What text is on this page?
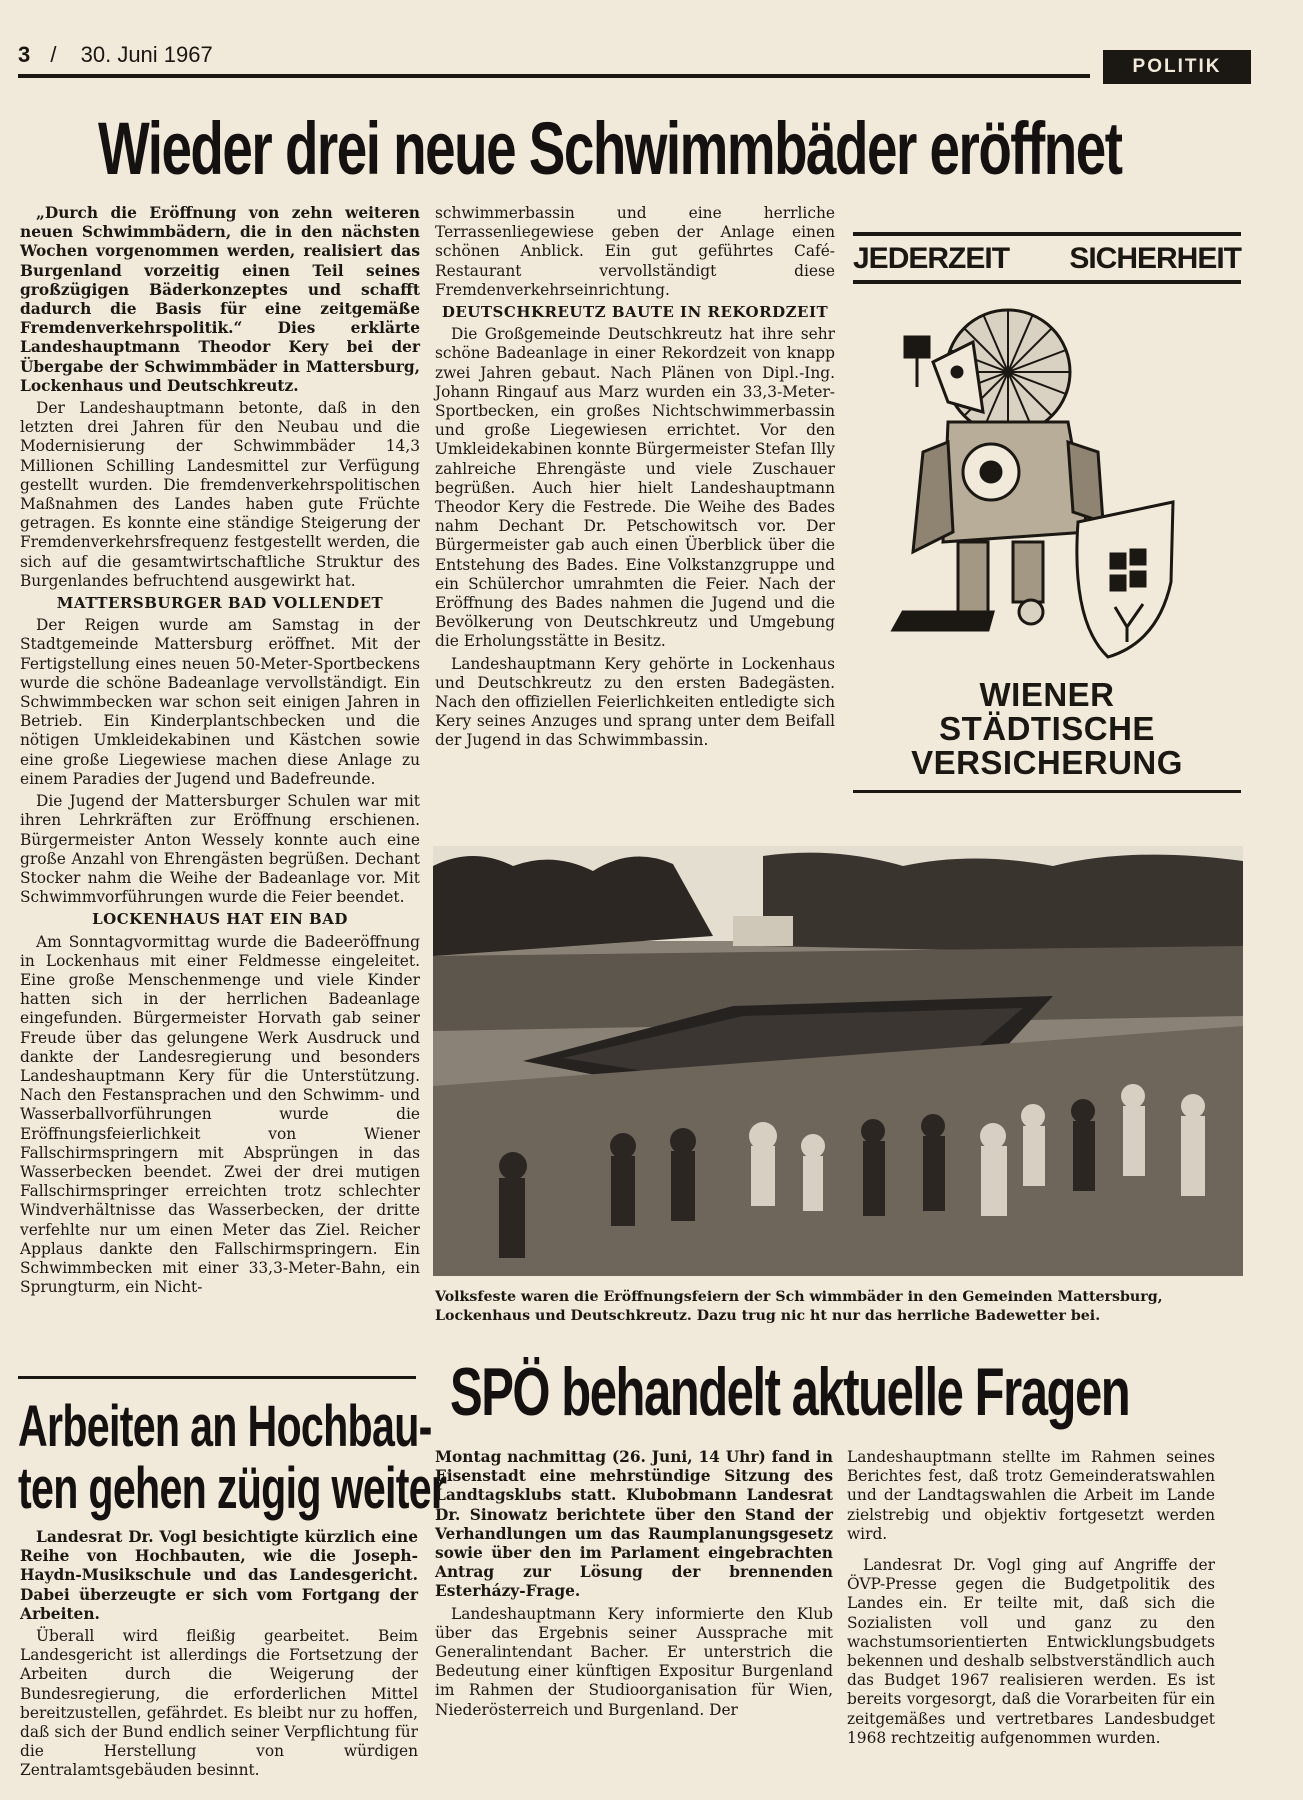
3 / 30. Juni 1967	POLITIK
Wieder drei neue Schwimmbäder eröffnet

„Durch die Eröffnung von zehn weiteren neuen Schwimmbädern, die in den nächsten Wochen vorgenommen werden, realisiert das Burgenland vorzeitig einen Teil seines großzügigen Bäderkonzeptes und schafft dadurch die Basis für eine zeitgemäße Fremdenverkehrspolitik.“ Dies erklärte Landeshauptmann Theodor Kery bei der Übergabe der Schwimmbäder in Mattersburg, Lockenhaus und Deutschkreutz.

Der Landeshauptmann betonte, daß in den letzten drei Jahren für den Neubau und die Modernisierung der Schwimmbäder 14,3 Millionen Schilling Landesmittel zur Verfügung gestellt wurden. Die fremdenverkehrspolitischen Maßnahmen des Landes haben gute Früchte getragen. Es konnte eine ständige Steigerung der Fremdenverkehrsfrequenz festgestellt werden, die sich auf die gesamtwirtschaftliche Struktur des Burgenlandes befruchtend ausgewirkt hat.

MATTERSBURGER BAD VOLLENDET

Der Reigen wurde am Samstag in der Stadtgemeinde Mattersburg eröffnet. Mit der Fertigstellung eines neuen 50-Meter-Sportbeckens wurde die schöne Badeanlage vervollständigt. Ein Schwimmbecken war schon seit einigen Jahren in Betrieb. Ein Kinderplantschbecken und die nötigen Umkleidekabinen und Kästchen sowie eine große Liegewiese machen diese Anlage zu einem Paradies der Jugend und Badefreunde.

Die Jugend der Mattersburger Schulen war mit ihren Lehrkräften zur Eröffnung erschienen. Bürgermeister Anton Wessely konnte auch eine große Anzahl von Ehrengästen begrüßen. Dechant Stocker nahm die Weihe der Badeanlage vor. Mit Schwimmvorführungen wurde die Feier beendet.

LOCKENHAUS HAT EIN BAD

Am Sonntagvormittag wurde die Badeeröffnung in Lockenhaus mit einer Feldmesse eingeleitet. Eine große Menschenmenge und viele Kinder hatten sich in der herrlichen Badeanlage eingefunden. Bürgermeister Horvath gab seiner Freude über das gelungene Werk Ausdruck und dankte der Landesregierung und besonders Landeshauptmann Kery für die Unterstützung. Nach den Festansprachen und den Schwimm- und Wasserballvorführungen wurde die Eröffnungsfeierlichkeit von Wiener Fallschirmspringern mit Absprüngen in das Wasserbecken beendet. Zwei der drei mutigen Fallschirmspringer erreichten trotz schlechter Windverhältnisse das Wasserbecken, der dritte verfehlte nur um einen Meter das Ziel. Reicher Applaus dankte den Fallschirmspringern. Ein Schwimmbecken mit einer 33,3-Meter-Bahn, ein Sprungturm, ein Nicht-

schwimmerbassin und eine herrliche Terrassenliegewiese geben der Anlage einen schönen Anblick. Ein gut geführtes Café-Restaurant vervollständigt diese Fremdenverkehrseinrichtung.

DEUTSCHKREUTZ BAUTE IN REKORDZEIT

Die Großgemeinde Deutschkreutz hat ihre sehr schöne Badeanlage in einer Rekordzeit von knapp zwei Jahren gebaut. Nach Plänen von Dipl.-Ing. Johann Ringauf aus Marz wurden ein 33,3-Meter-Sportbecken, ein großes Nichtschwimmerbassin und große Liegewiesen errichtet. Vor den Umkleidekabinen konnte Bürgermeister Stefan Illy zahlreiche Ehrengäste und viele Zuschauer begrüßen. Auch hier hielt Landeshauptmann Theodor Kery die Festrede. Die Weihe des Bades nahm Dechant Dr. Petschowitsch vor. Der Bürgermeister gab auch einen Überblick über die Entstehung des Bades. Eine Volkstanzgruppe und ein Schülerchor umrahmten die Feier. Nach der Eröffnung des Bades nahmen die Jugend und die Bevölkerung von Deutschkreutz und Umgebung die Erholungsstätte in Besitz.

Landeshauptmann Kery gehörte in Lockenhaus und Deutschkreutz zu den ersten Badegästen. Nach den offiziellen Feierlichkeiten entledigte sich Kery seines Anzuges und sprang unter dem Beifall der Jugend in das Schwimmbassin.

JEDERZEIT SICHERHEIT
WIENER
STÄDTISCHE
VERSICHERUNG
Volksfeste waren die Eröffnungsfeiern der Sch wimmbäder in den Gemeinden Mattersburg, Lockenhaus und Deutschkreutz. Dazu trug nic ht nur das herrliche Badewetter bei.
Arbeiten an Hochbau-
ten gehen zügig weiter

Landesrat Dr. Vogl besichtigte kürzlich eine Reihe von Hochbauten, wie die Joseph-Haydn-Musikschule und das Landesgericht. Dabei überzeugte er sich vom Fortgang der Arbeiten.

Überall wird fleißig gearbeitet. Beim Landesgericht ist allerdings die Fortsetzung der Arbeiten durch die Weigerung der Bundesregierung, die erforderlichen Mittel bereitzustellen, gefährdet. Es bleibt nur zu hoffen, daß sich der Bund endlich seiner Verpflichtung für die Herstellung von würdigen Zentralamtsgebäuden besinnt.

SPÖ behandelt aktuelle Fragen

Montag nachmittag (26. Juni, 14 Uhr) fand in Eisenstadt eine mehrstündige Sitzung des Landtagsklubs statt. Klubobmann Landesrat Dr. Sinowatz berichtete über den Stand der Verhandlungen um das Raumplanungsgesetz sowie über den im Parlament eingebrachten Antrag zur Lösung der brennenden Esterházy-Frage.

Landeshauptmann Kery informierte den Klub über das Ergebnis seiner Aussprache mit Generalintendant Bacher. Er unterstrich die Bedeutung einer künftigen Expositur Burgenland im Rahmen der Studioorganisation für Wien, Niederösterreich und Burgenland. Der

Landeshauptmann stellte im Rahmen seines Berichtes fest, daß trotz Gemeinderatswahlen und der Landtagswahlen die Arbeit im Lande zielstrebig und objektiv fortgesetzt werden wird.

Landesrat Dr. Vogl ging auf Angriffe der ÖVP-Presse gegen die Budgetpolitik des Landes ein. Er teilte mit, daß sich die Sozialisten voll und ganz zu den wachstumsorientierten Entwicklungsbudgets bekennen und deshalb selbstverständlich auch das Budget 1967 realisieren werden. Es ist bereits vorgesorgt, daß die Vorarbeiten für ein zeitgemäßes und vertretbares Landesbudget 1968 rechtzeitig aufgenommen wurden.
